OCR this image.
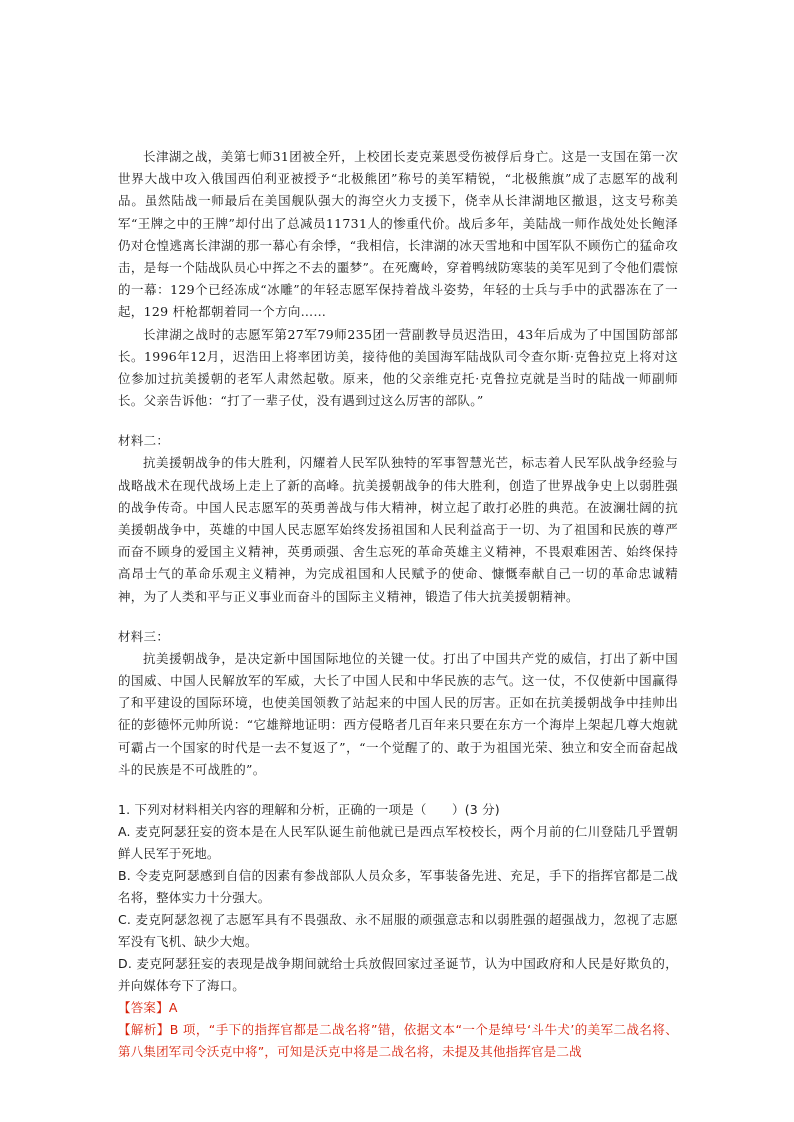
长津湖之战，美第七师31团被全歼，上校团长麦克莱恩受伤被俘后身亡。这是一支国在第一次世界大战中攻入俄国西伯利亚被授予“北极熊团”称号的美军精锐，“北极熊旗”成了志愿军的战利品。虽然陆战一师最后在美国舰队强大的海空火力支援下，侥幸从长津湖地区撤退，这支号称美军“王牌之中的王牌”却付出了总减员11731人的惨重代价。战后多年，美陆战一师作战处处长鲍泽仍对仓惶逃离长津湖的那一幕心有余悸，“我相信，长津湖的冰天雪地和中国军队不顾伤亡的猛命攻击，是每一个陆战队员心中挥之不去的噩梦”。在死鹰岭，穿着鸭绒防寒装的美军见到了令他们震惊的一幕：129个已经冻成“冰雕”的年轻志愿军保持着战斗姿势，年轻的士兵与手中的武器冻在了一起，129 杆枪都朝着同一个方向……

长津湖之战时的志愿军第27军79师235团一营副教导员迟浩田，43年后成为了中国国防部部长。1996年12月，迟浩田上将率团访美，接待他的美国海军陆战队司令查尔斯·克鲁拉克上将对这位参加过抗美援朝的老军人肃然起敬。原来，他的父亲维克托·克鲁拉克就是当时的陆战一师副师长。父亲告诉他：“打了一辈子仗，没有遇到过这么厉害的部队。”

材料二：

抗美援朝战争的伟大胜利，闪耀着人民军队独特的军事智慧光芒，标志着人民军队战争经验与战略战术在现代战场上走上了新的高峰。抗美援朝战争的伟大胜利，创造了世界战争史上以弱胜强的战争传奇。中国人民志愿军的英勇善战与伟大精神，树立起了敢打必胜的典范。在波澜壮阔的抗美援朝战争中，英雄的中国人民志愿军始终发扬祖国和人民利益高于一切、为了祖国和民族的尊严而奋不顾身的爱国主义精神，英勇顽强、舍生忘死的革命英雄主义精神，不畏艰难困苦、始终保持高昂士气的革命乐观主义精神，为完成祖国和人民赋予的使命、慷慨奉献自己一切的革命忠诚精神，为了人类和平与正义事业而奋斗的国际主义精神，锻造了伟大抗美援朝精神。

材料三：

抗美援朝战争，是决定新中国国际地位的关键一仗。打出了中国共产党的威信，打出了新中国的国威、中国人民解放军的军威，大长了中国人民和中华民族的志气。这一仗，不仅使新中国赢得了和平建设的国际环境，也使美国领教了站起来的中国人民的厉害。正如在抗美援朝战争中挂帅出征的彭德怀元帅所说：“它雄辩地证明：西方侵略者几百年来只要在东方一个海岸上架起几尊大炮就可霸占一个国家的时代是一去不复返了”，“一个觉醒了的、敢于为祖国光荣、独立和安全而奋起战斗的民族是不可战胜的”。

1. 下列对材料相关内容的理解和分析，正确的一项是（　　）(3 分)

A. 麦克阿瑟狂妄的资本是在人民军队诞生前他就已是西点军校校长，两个月前的仁川登陆几乎置朝鲜人民军于死地。

B. 令麦克阿瑟感到自信的因素有参战部队人员众多，军事装备先进、充足，手下的指挥官都是二战名将，整体实力十分强大。

C. 麦克阿瑟忽视了志愿军具有不畏强敌、永不屈服的顽强意志和以弱胜强的超强战力，忽视了志愿军没有飞机、缺少大炮。

D. 麦克阿瑟狂妄的表现是战争期间就给士兵放假回家过圣诞节，认为中国政府和人民是好欺负的，并向媒体夸下了海口。

【答案】A

【解析】B 项，“手下的指挥官都是二战名将”错，依据文本“一个是绰号‘斗牛犬’的美军二战名将、第八集团军司令沃克中将”，可知是沃克中将是二战名将，未提及其他指挥官是二战
